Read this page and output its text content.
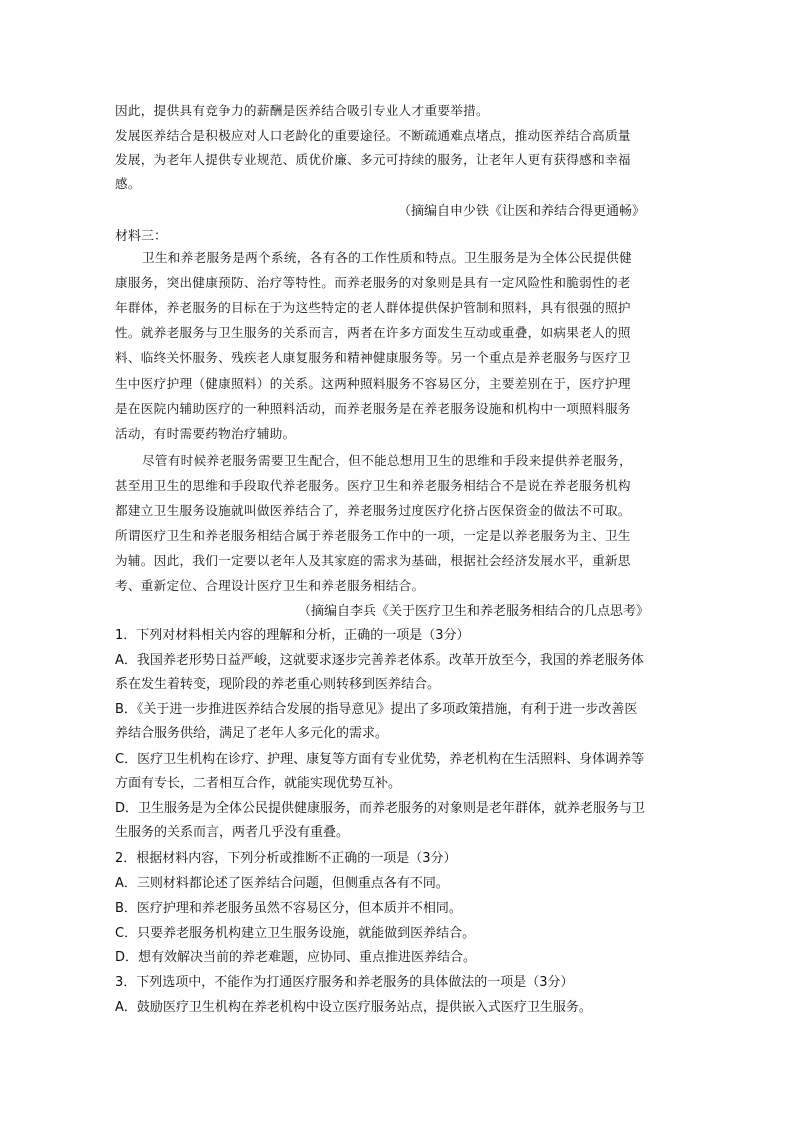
因此，提供具有竞争力的薪酬是医养结合吸引专业人才重要举措。
发展医养结合是积极应对人口老龄化的重要途径。不断疏通难点堵点，推动医养结合高质量
发展，为老年人提供专业规范、质优价廉、多元可持续的服务，让老年人更有获得感和幸福
感。
（摘编自申少铁《让医和养结合得更通畅》
材料三：
卫生和养老服务是两个系统，各有各的工作性质和特点。卫生服务是为全体公民提供健
康服务，突出健康预防、治疗等特性。而养老服务的对象则是具有一定风险性和脆弱性的老
年群体，养老服务的目标在于为这些特定的老人群体提供保护管制和照料，具有很强的照护
性。就养老服务与卫生服务的关系而言，两者在许多方面发生互动或重叠，如病果老人的照
料、临终关怀服务、残疾老人康复服务和精神健康服务等。另一个重点是养老服务与医疗卫
生中医疗护理（健康照料）的关系。这两种照料服务不容易区分，主要差别在于，医疗护理
是在医院内辅助医疗的一种照料活动，而养老服务是在养老服务设施和机构中一项照料服务
活动，有时需要药物治疗辅助。
尽管有时候养老服务需要卫生配合，但不能总想用卫生的思维和手段来提供养老服务，
甚至用卫生的思维和手段取代养老服务。医疗卫生和养老服务相结合不是说在养老服务机构
都建立卫生服务设施就叫做医养结合了，养老服务过度医疗化挤占医保资金的做法不可取。
所谓医疗卫生和养老服务相结合属于养老服务工作中的一项，一定是以养老服务为主、卫生
为辅。因此，我们一定要以老年人及其家庭的需求为基础，根据社会经济发展水平，重新思
考、重新定位、合理设计医疗卫生和养老服务相结合。
（摘编自李兵《关于医疗卫生和养老服务相结合的几点思考》
1．下列对材料相关内容的理解和分析，正确的一项是（3分）
A．我国养老形势日益严峻，这就要求逐步完善养老体系。改革开放至今，我国的养老服务体
系在发生着转变，现阶段的养老重心则转移到医养结合。
B．《关于进一步推进医养结合发展的指导意见》提出了多项政策措施，有利于进一步改善医
养结合服务供给，满足了老年人多元化的需求。
C．医疗卫生机构在诊疗、护理、康复等方面有专业优势，养老机构在生活照料、身体调养等
方面有专长，二者相互合作，就能实现优势互补。
D．卫生服务是为全体公民提供健康服务，而养老服务的对象则是老年群体，就养老服务与卫
生服务的关系而言，两者几乎没有重叠。
2．根据材料内容，下列分析或推断不正确的一项是（3分）
A．三则材料都论述了医养结合问题，但侧重点各有不同。
B．医疗护理和养老服务虽然不容易区分，但本质并不相同。
C．只要养老服务机构建立卫生服务设施，就能做到医养结合。
D．想有效解决当前的养老难题，应协同、重点推进医养结合。
3．下列选项中，不能作为打通医疗服务和养老服务的具体做法的一项是（3分）
A．鼓励医疗卫生机构在养老机构中设立医疗服务站点，提供嵌入式医疗卫生服务。
